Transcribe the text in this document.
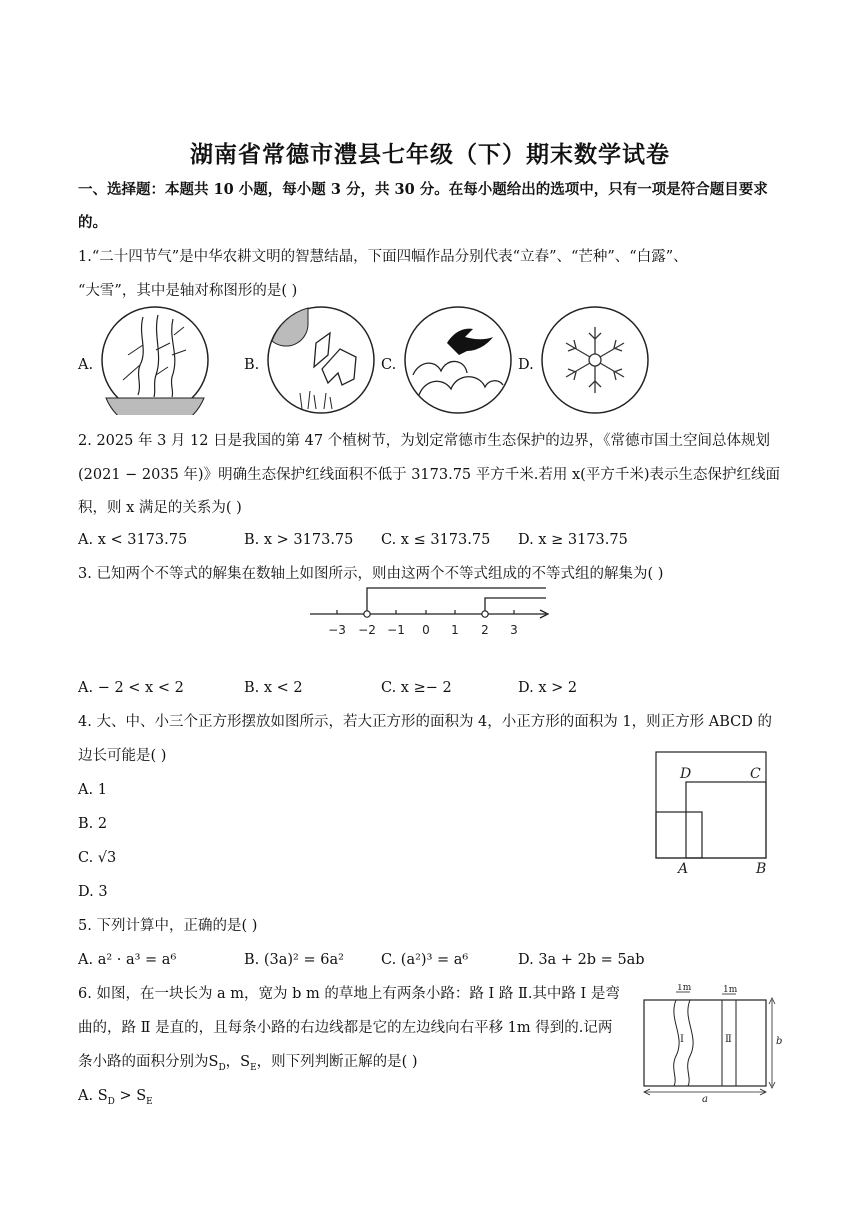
湖南省常德市澧县七年级（下）期末数学试卷
一、选择题：本题共 10 小题，每小题 3 分，共 30 分。在每小题给出的选项中，只有一项是符合题目要求
的。
1.“二十四节气”是中华农耕文明的智慧结晶，下面四幅作品分别代表“立春”、“芒种”、“白露”、
“大雪”，其中是轴对称图形的是( )
A.	B.	C.	D.
2. 2025 年 3 月 12 日是我国的第 47 个植树节，为划定常德市生态保护的边界，《常德市国土空间总体规划
(2021 − 2035 年)》明确生态保护红线面积不低于 3173.75 平方千米.若用 x(平方千米)表示生态保护红线面
积，则 x 满足的关系为( )
A. x < 3173.75	B. x > 3173.75 C. x ≤ 3173.75 D. x ≥ 3173.75
3. 已知两个不等式的解集在数轴上如图所示，则由这两个不等式组成的不等式组的解集为( )
−3 −2 −1 0 1 2 3
A. − 2 < x < 2	B. x < 2	C. x ≥− 2	D. x > 2
4. 大、中、小三个正方形摆放如图所示，若大正方形的面积为 4，小正方形的面积为 1，则正方形 ABCD 的
边长可能是( )
A. 1
B. 2
C. √3
D. 3
D	C
A	B
5. 下列计算中，正确的是( )
A. a² · a³ = a⁶	B. (3a)² = 6a²	C. (a²)³ = a⁶	D. 3a + 2b = 5ab
6. 如图，在一块长为 a m，宽为 b m 的草地上有两条小路：路 Ⅰ 路 Ⅱ.其中路 Ⅰ 是弯
曲的，路 Ⅱ 是直的，且每条小路的右边线都是它的左边线向右平移 1m 得到的.记两
条小路的面积分别为$S_D$，$S_E$，则下列判断正解的是( )
A. $S_D > S_E$
1m	1m
Ⅰ	Ⅱ	b
a
